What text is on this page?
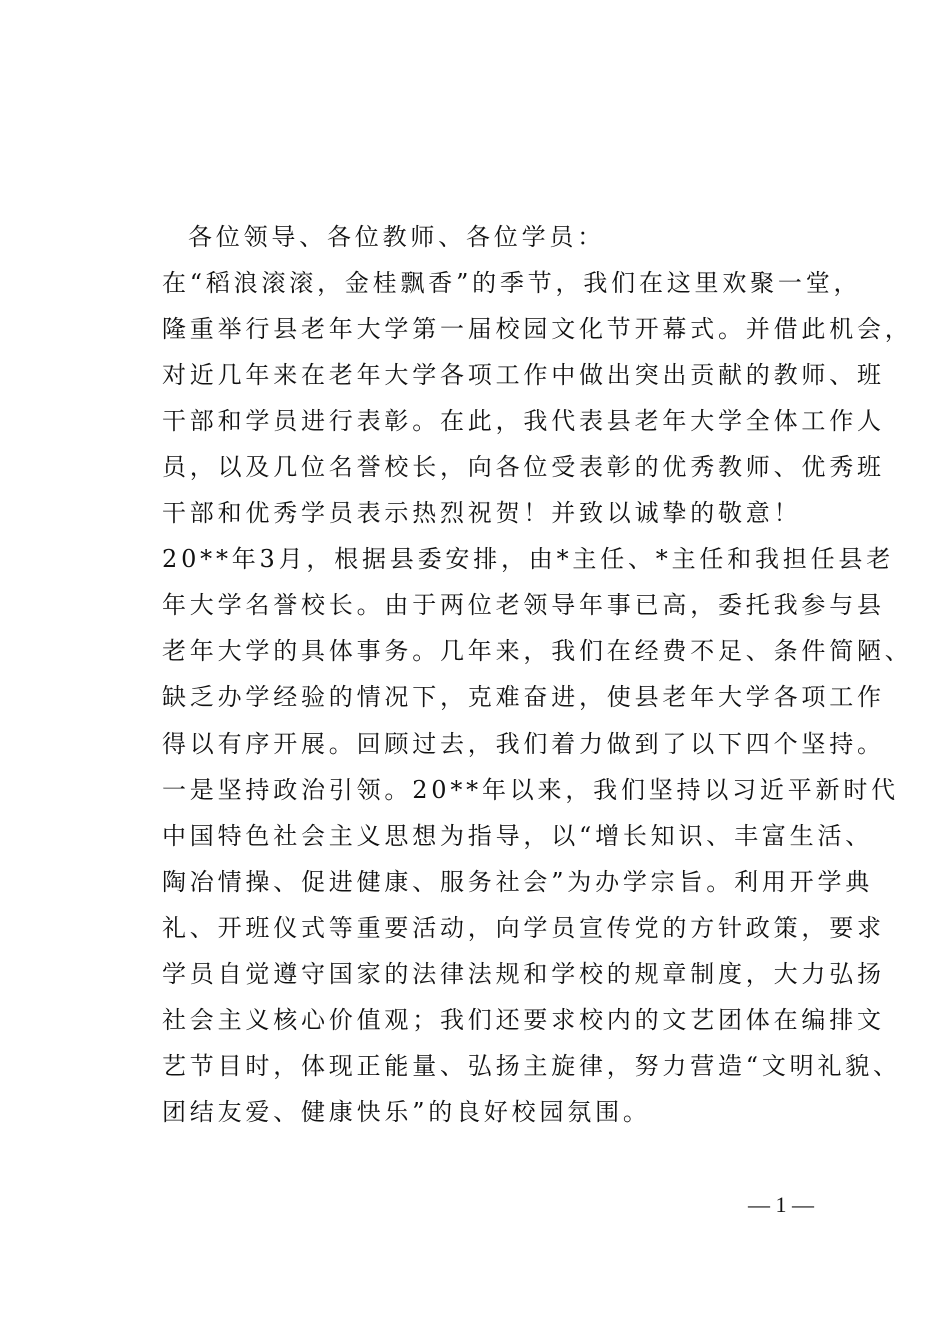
各位领导、各位教师、各位学员：
在“稻浪滚滚，金桂飘香”的季节，我们在这里欢聚一堂，
隆重举行县老年大学第一届校园文化节开幕式。并借此机会，
对近几年来在老年大学各项工作中做出突出贡献的教师、班
干部和学员进行表彰。在此，我代表县老年大学全体工作人
员，以及几位名誉校长，向各位受表彰的优秀教师、优秀班
干部和优秀学员表示热烈祝贺！并致以诚挚的敬意！
20**年3月，根据县委安排，由*主任、*主任和我担任县老
年大学名誉校长。由于两位老领导年事已高，委托我参与县
老年大学的具体事务。几年来，我们在经费不足、条件简陋、
缺乏办学经验的情况下，克难奋进，使县老年大学各项工作
得以有序开展。回顾过去，我们着力做到了以下四个坚持。
一是坚持政治引领。20**年以来，我们坚持以习近平新时代
中国特色社会主义思想为指导，以“增长知识、丰富生活、
陶冶情操、促进健康、服务社会”为办学宗旨。利用开学典
礼、开班仪式等重要活动，向学员宣传党的方针政策，要求
学员自觉遵守国家的法律法规和学校的规章制度，大力弘扬
社会主义核心价值观；我们还要求校内的文艺团体在编排文
艺节目时，体现正能量、弘扬主旋律，努力营造“文明礼貌、
团结友爱、健康快乐”的良好校园氛围。
— 1 —
